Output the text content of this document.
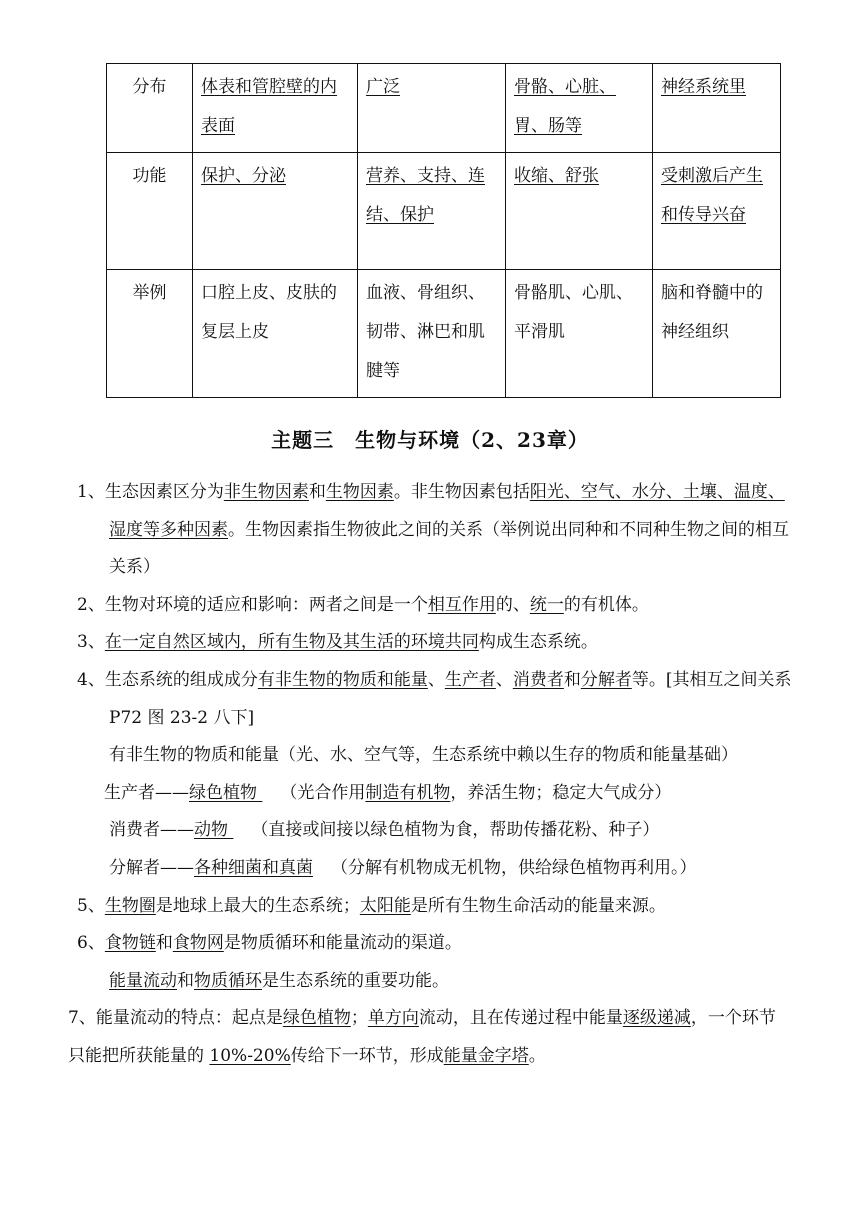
分布	体表和管腔壁的内表面	广泛	骨骼、心脏、胃、肠等	神经系统里
功能	保护、分泌	营养、支持、连结、保护	收缩、舒张	受刺激后产生和传导兴奋
举例	口腔上皮、皮肤的复层上皮	血液、骨组织、韧带、淋巴和肌腱等	骨骼肌、心肌、平滑肌	脑和脊髓中的神经组织
主题三　生物与环境（2、23章）

1、生态因素区分为非生物因素和生物因素。非生物因素包括阳光、空气、水分、土壤、温度、湿度等多种因素。生物因素指生物彼此之间的关系（举例说出同种和不同种生物之间的相互关系）

2、生物对环境的适应和影响：两者之间是一个相互作用的、统一的有机体。

3、在一定自然区域内，所有生物及其生活的环境共同构成生态系统。

4、生态系统的组成成分有非生物的物质和能量、生产者、消费者和分解者等。[其相互之间关系 P72 图 23-2 八下]

有非生物的物质和能量（光、水、空气等，生态系统中赖以生存的物质和能量基础）

生产者——绿色植物 （光合作用制造有机物，养活生物；稳定大气成分）

消费者——动物 （直接或间接以绿色植物为食，帮助传播花粉、种子）

分解者——各种细菌和真菌 （分解有机物成无机物，供给绿色植物再利用。）

5、生物圈是地球上最大的生态系统；太阳能是所有生物生命活动的能量来源。

6、食物链和食物网是物质循环和能量流动的渠道。

能量流动和物质循环是生态系统的重要功能。

7、能量流动的特点：起点是绿色植物；单方向流动，且在传递过程中能量逐级递减，一个环节只能把所获能量的 10%-20%传给下一环节，形成能量金字塔。
